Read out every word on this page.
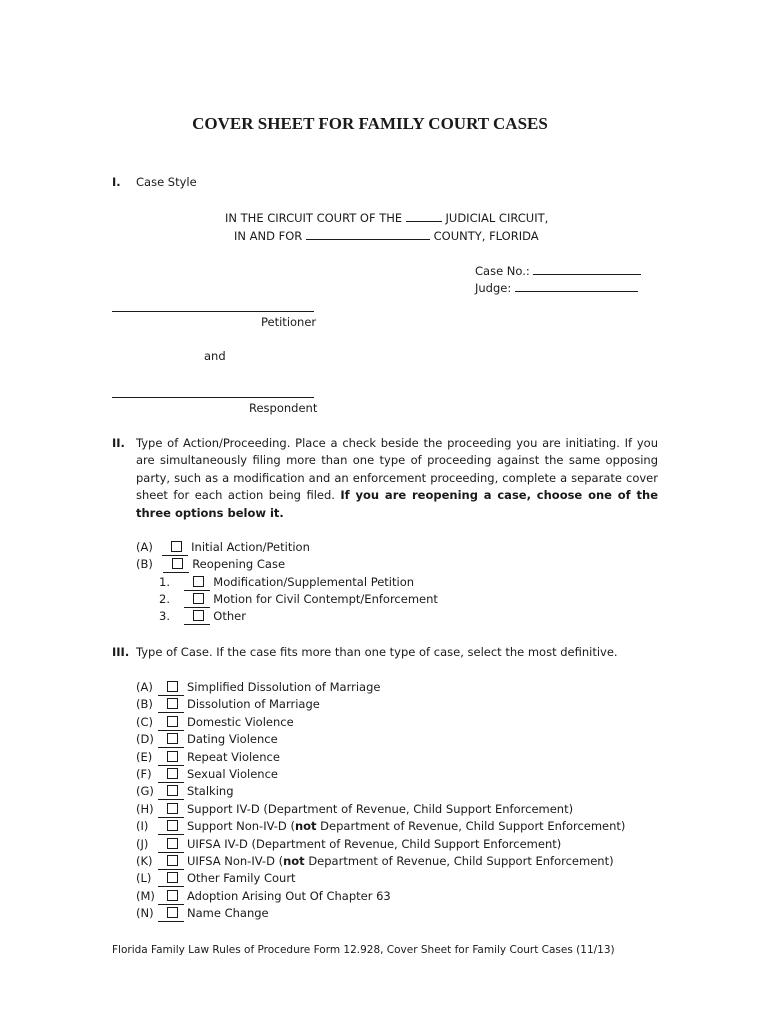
COVER SHEET FOR FAMILY COURT CASES
I. Case Style
IN THE CIRCUIT COURT OF THE	JUDICIAL CIRCUIT,
IN AND FOR	COUNTY, FLORIDA
Case No.:
Judge:
Petitioner
and
Respondent
II. Type of Action/Proceeding. Place a check beside the proceeding you are initiating. If you are simultaneously filing more than one type of proceeding against the same opposing party, such as a modification and an enforcement proceeding, complete a separate cover sheet for each action being filed. If you are reopening a case, choose one of the three options below it.
(A)	Initial Action/Petition
(B)	Reopening Case
1.	Modification/Supplemental Petition
2.	Motion for Civil Contempt/Enforcement
3.	Other
III. Type of Case. If the case fits more than one type of case, select the most definitive.
(A)	Simplified Dissolution of Marriage
(B)	Dissolution of Marriage
(C)	Domestic Violence
(D)	Dating Violence
(E)	Repeat Violence
(F)	Sexual Violence
(G)	Stalking
(H)	Support IV-D (Department of Revenue, Child Support Enforcement)
(I)	Support Non-IV-D (not Department of Revenue, Child Support Enforcement)
(J)	UIFSA IV-D (Department of Revenue, Child Support Enforcement)
(K)	UIFSA Non-IV-D (not Department of Revenue, Child Support Enforcement)
(L)	Other Family Court
(M)	Adoption Arising Out Of Chapter 63
(N)	Name Change
Florida Family Law Rules of Procedure Form 12.928, Cover Sheet for Family Court Cases (11/13)
